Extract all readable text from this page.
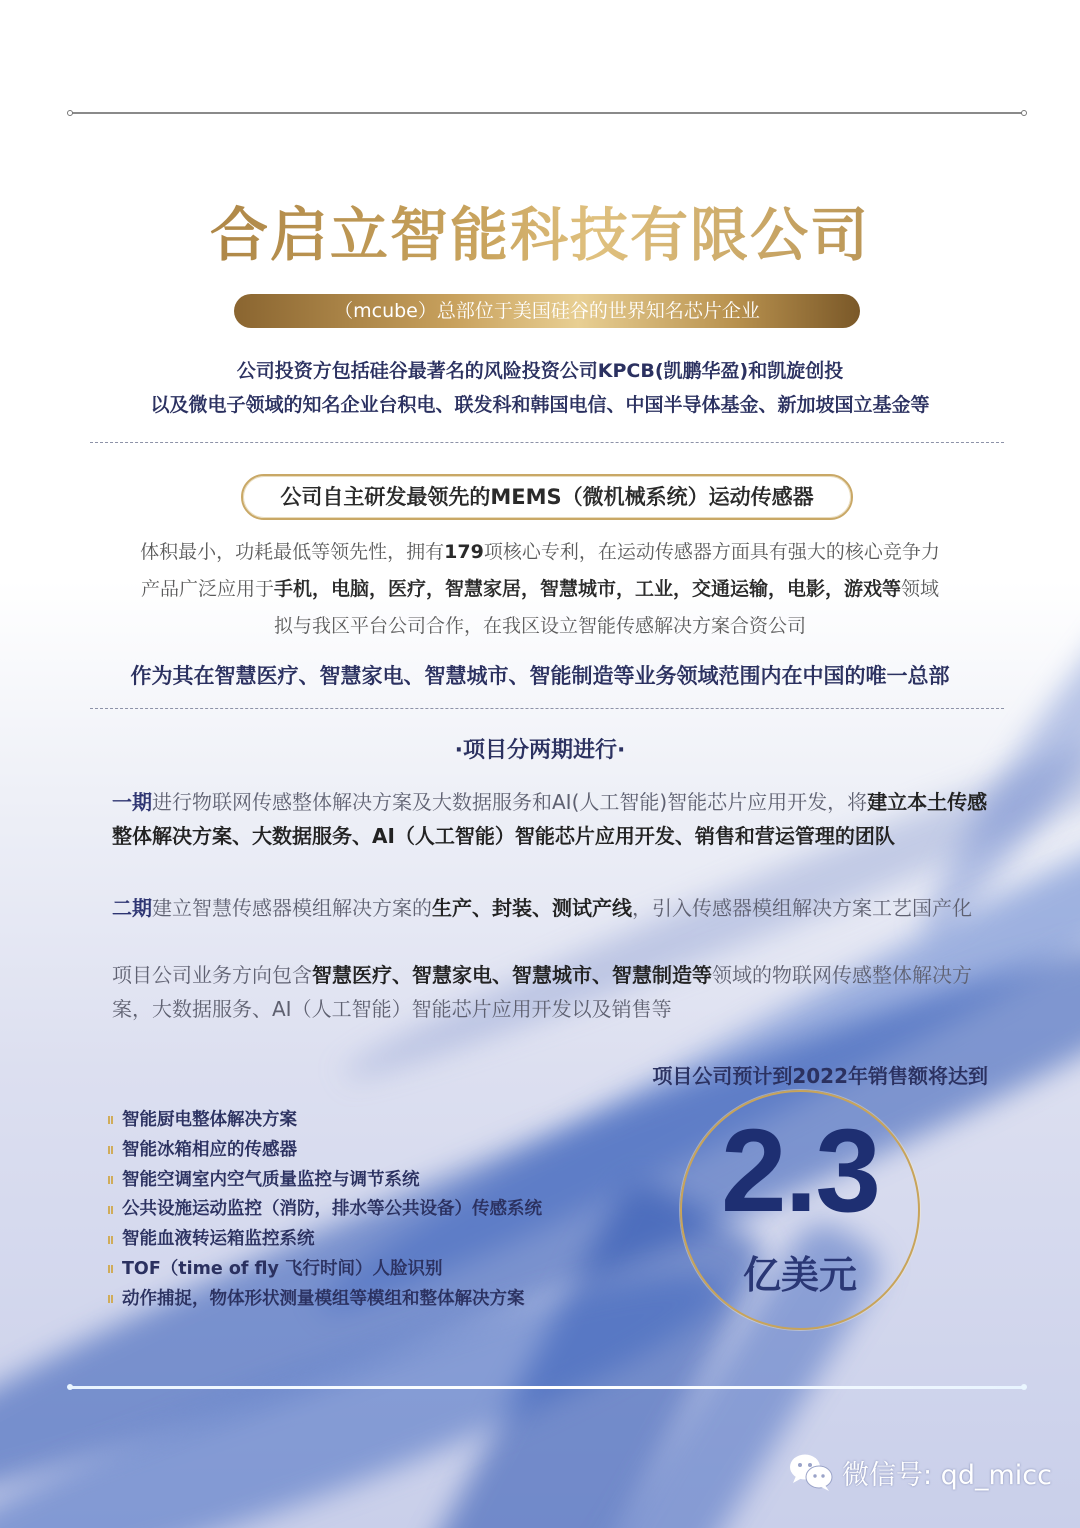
合启立智能科技有限公司
（mcube）总部位于美国硅谷的世界知名芯片企业
公司投资方包括硅谷最著名的风险投资公司KPCB(凯鹏华盈)和凯旋创投
以及微电子领域的知名企业台积电、联发科和韩国电信、中国半导体基金、新加坡国立基金等
公司自主研发最领先的MEMS（微机械系统）运动传感器
体积最小，功耗最低等领先性，拥有179项核心专利，在运动传感器方面具有强大的核心竞争力
产品广泛应用于手机，电脑，医疗，智慧家居，智慧城市，工业，交通运输，电影，游戏等领域
拟与我区平台公司合作，在我区设立智能传感解决方案合资公司
作为其在智慧医疗、智慧家电、智慧城市、智能制造等业务领域范围内在中国的唯一总部
·项目分两期进行·

一期进行物联网传感整体解决方案及大数据服务和AI(人工智能)智能芯片应用开发，将建立本土传感整体解决方案、大数据服务、AI（人工智能）智能芯片应用开发、销售和营运管理的团队

二期建立智慧传感器模组解决方案的生产、封装、测试产线，引入传感器模组解决方案工艺国产化

项目公司业务方向包含智慧医疗、智慧家电、智慧城市、智慧制造等领域的物联网传感整体解决方案，大数据服务、AI（人工智能）智能芯片应用开发以及销售等

项目公司预计到2022年销售额将达到
智能厨电整体解决方案
智能冰箱相应的传感器
智能空调室内空气质量监控与调节系统
公共设施运动监控（消防，排水等公共设备）传感系统
智能血液转运箱监控系统
TOF（time of fly 飞行时间）人脸识别
动作捕捉，物体形状测量模组等模组和整体解决方案
2.3
亿美元
微信号: qd_micc
